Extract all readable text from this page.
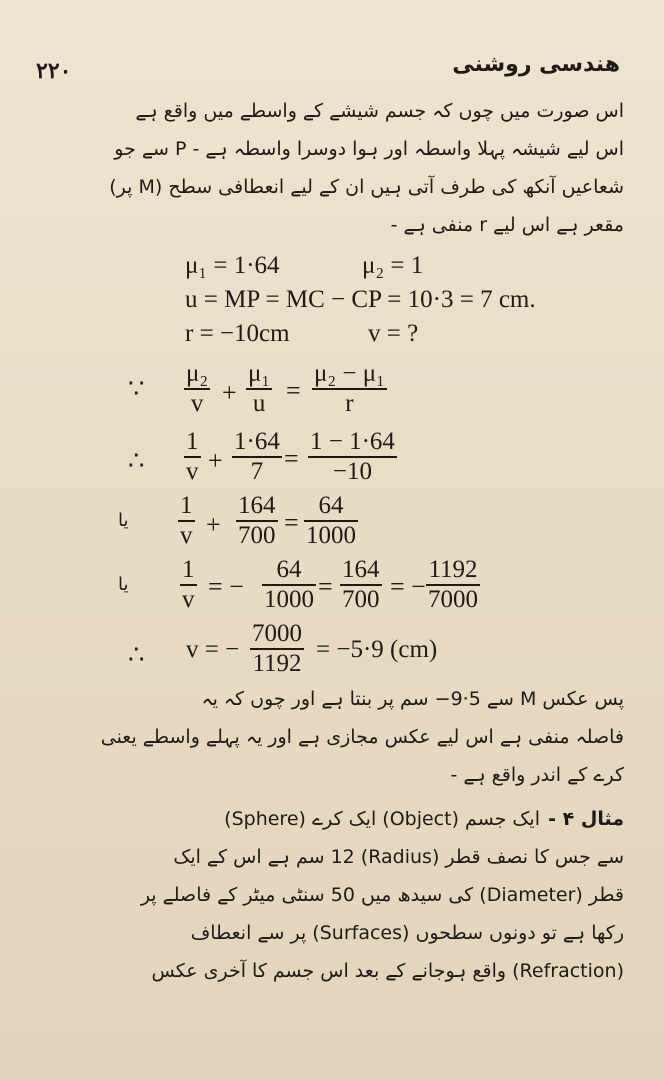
۲۲۰	هندسی روشنی
اس صورت میں چوں کہ جسم شیشے کے واسطے میں واقع ہے
اس لیے شیشہ پہلا واسطہ اور ہوا دوسرا واسطہ ہے - P سے جو
شعاعیں آنکھ کی طرف آتی ہیں ان کے لیے انعطافی سطح (M پر)
مقعر ہے اس لیے r منفی ہے -
μ₁ = 1·64	μ₂ = 1
u = MP = MC − CP = 10·3 = 7 cm.
r = −10cm	v = ?
∵
μ₂
v +
μ₁
u =
μ₂ − μ₁
r
∴
1
v +
1·64
7 =
1 − 1·64
−10
یا
1
v +
164
700 =
64
1000
یا
1
v = −
64
1000 =
164
700 = −
1192
7000
∴ v = −
7000
1192
= −5·9 (cm)
پس عکس M سے 5·9− سم پر بنتا ہے اور چوں کہ یہ
فاصلہ منفی ہے اس لیے عکس مجازی ہے اور یہ پہلے واسطے یعنی
کرے کے اندر واقع ہے -
مثال ۴ -
ایک جسم (Object) ایک کرے (Sphere)
سے جس کا نصف قطر (Radius) 12 سم ہے اس کے ایک
قطر (Diameter) کی سیدھ میں 50 سنٹی میٹر کے فاصلے پر
رکھا ہے تو دونوں سطحوں (Surfaces) پر سے انعطاف
(Refraction) واقع ہوجانے کے بعد اس جسم کا آخری عکس
